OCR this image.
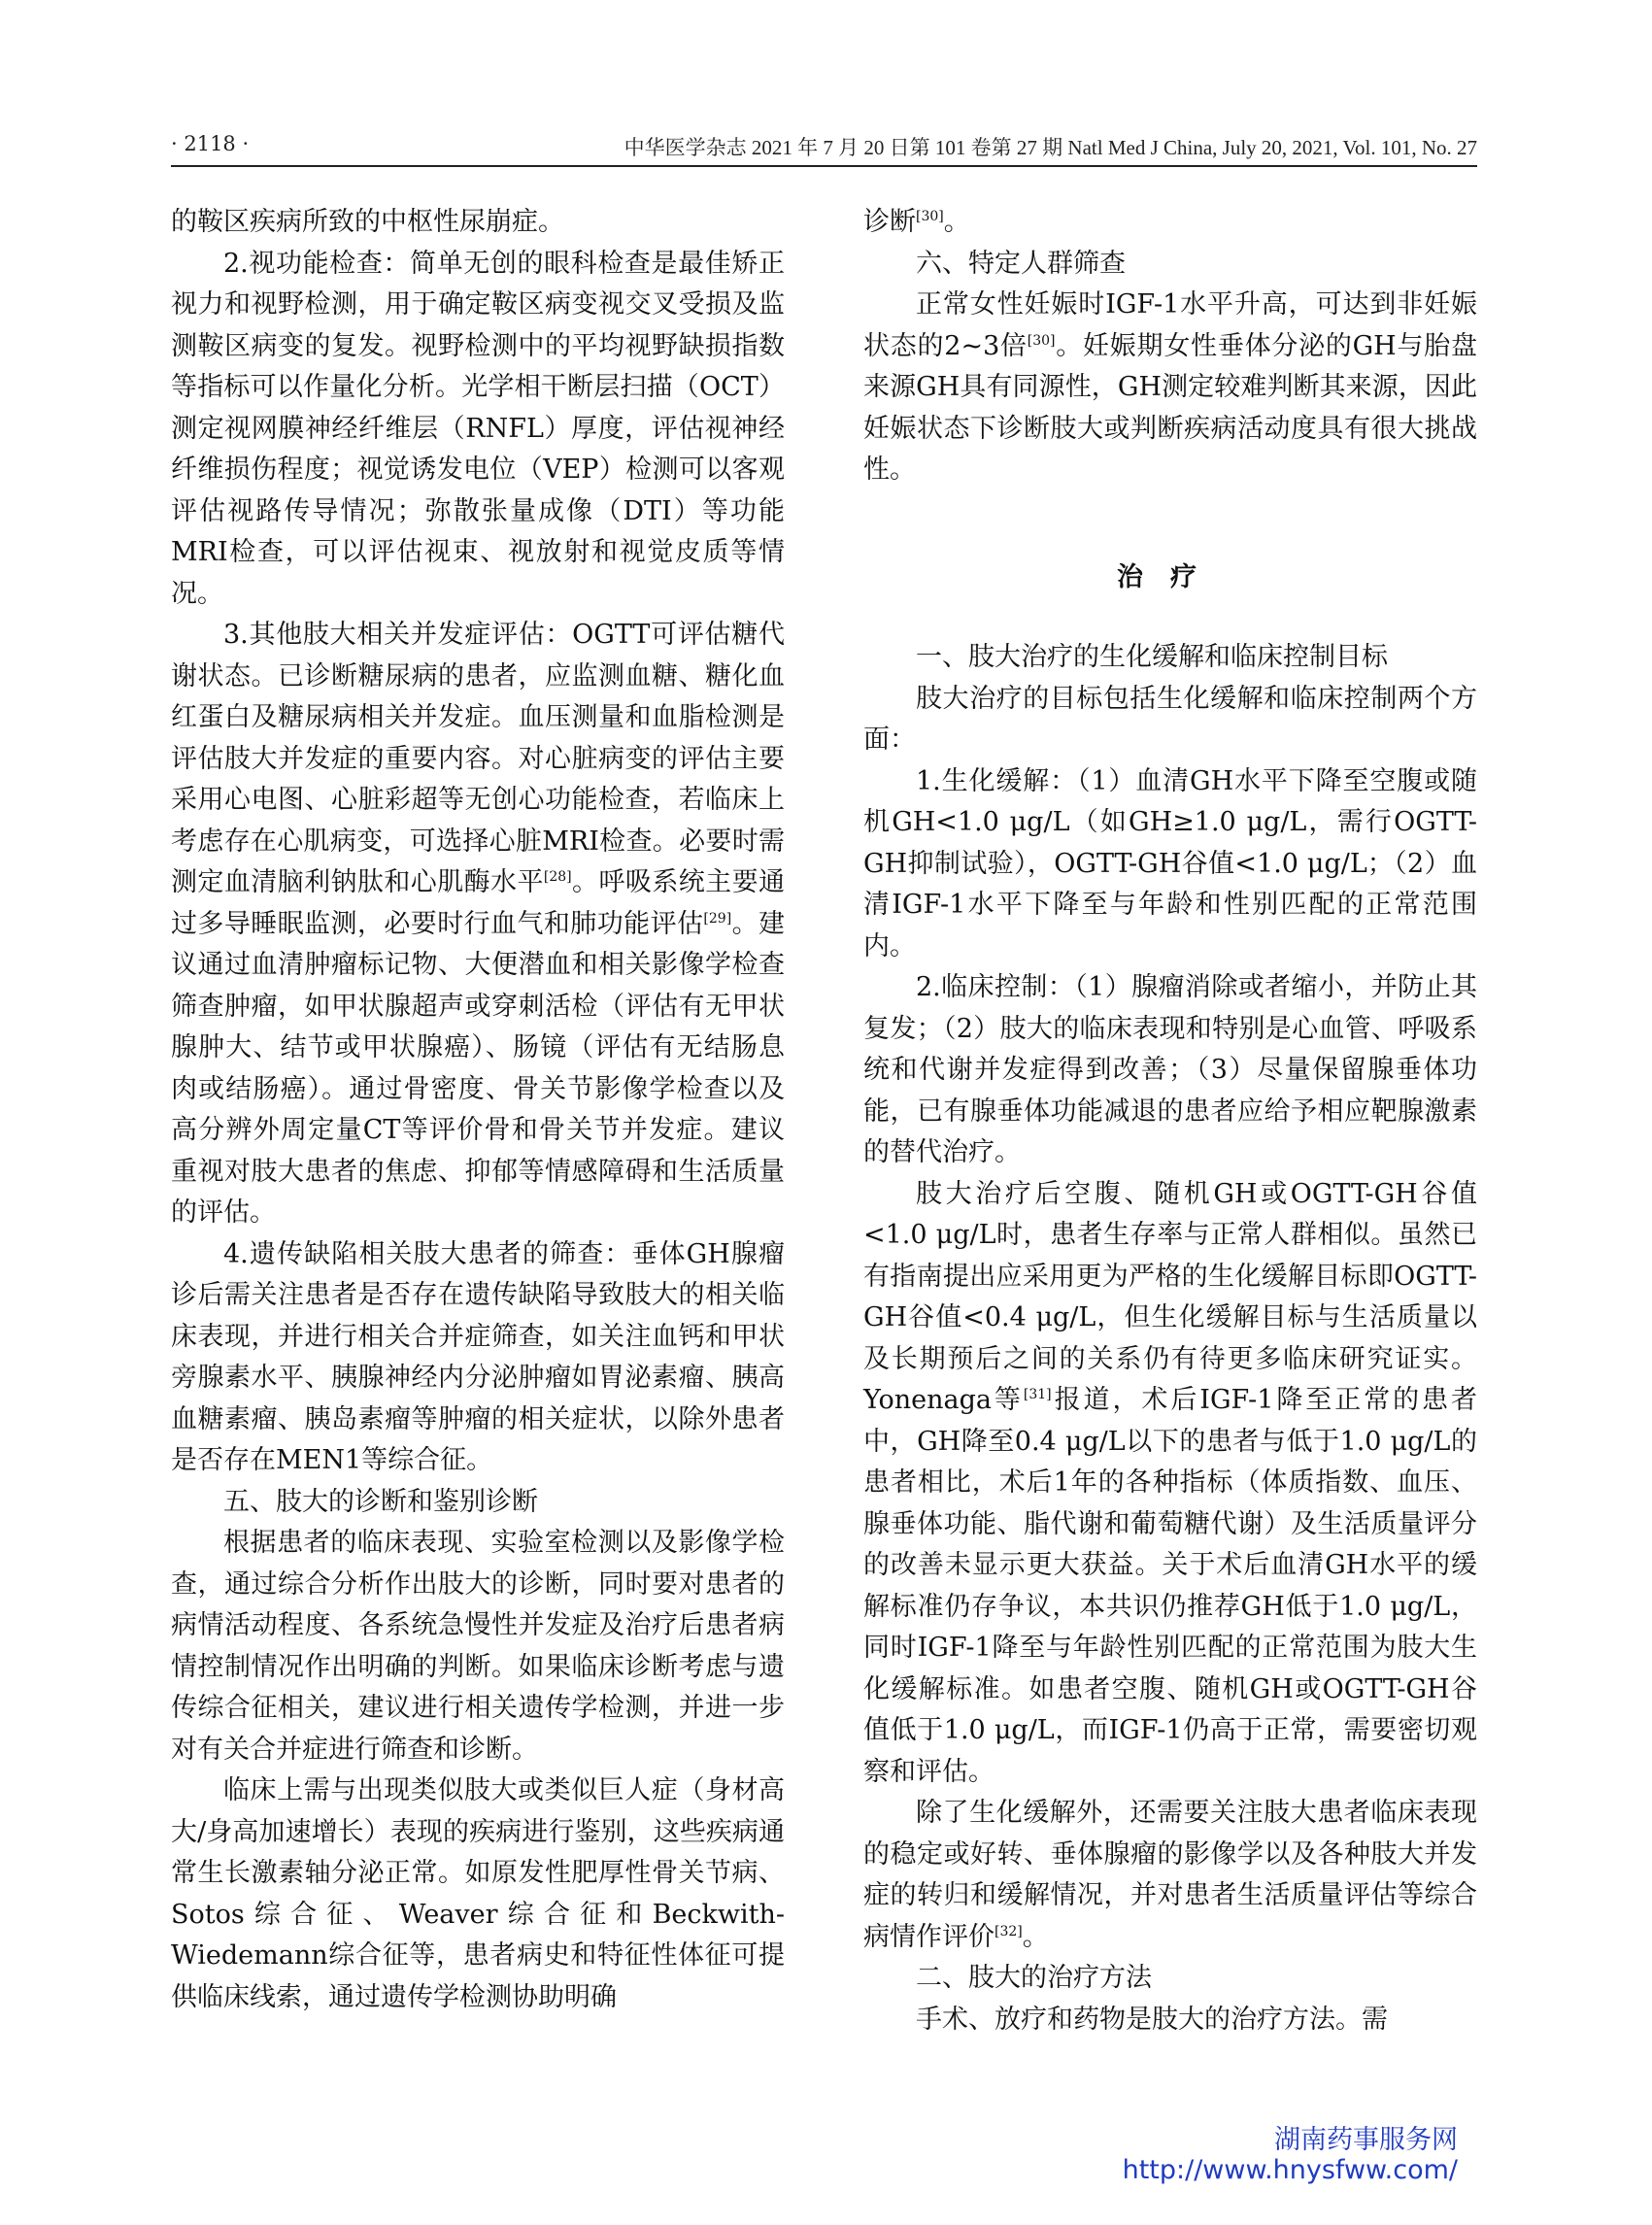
· 2118 ·	中华医学杂志 2021 年 7 月 20 日第 101 卷第 27 期 Natl Med J China, July 20, 2021, Vol. 101, No. 27

的鞍区疾病所致的中枢性尿崩症。

2.视功能检查：简单无创的眼科检查是最佳矫正视力和视野检测，用于确定鞍区病变视交叉受损及监测鞍区病变的复发。视野检测中的平均视野缺损指数等指标可以作量化分析。光学相干断层扫描（OCT）测定视网膜神经纤维层（RNFL）厚度，评估视神经纤维损伤程度；视觉诱发电位（VEP）检测可以客观评估视路传导情况；弥散张量成像（DTI）等功能MRI检查，可以评估视束、视放射和视觉皮质等情况。

3.其他肢大相关并发症评估：OGTT可评估糖代谢状态。已诊断糖尿病的患者，应监测血糖、糖化血红蛋白及糖尿病相关并发症。血压测量和血脂检测是评估肢大并发症的重要内容。对心脏病变的评估主要采用心电图、心脏彩超等无创心功能检查，若临床上考虑存在心肌病变，可选择心脏MRI检查。必要时需测定血清脑利钠肽和心肌酶水平[28]。呼吸系统主要通过多导睡眠监测，必要时行血气和肺功能评估[29]。建议通过血清肿瘤标记物、大便潜血和相关影像学检查筛查肿瘤，如甲状腺超声或穿刺活检（评估有无甲状腺肿大、结节或甲状腺癌）、肠镜（评估有无结肠息肉或结肠癌）。通过骨密度、骨关节影像学检查以及高分辨外周定量CT等评价骨和骨关节并发症。建议重视对肢大患者的焦虑、抑郁等情感障碍和生活质量的评估。

4.遗传缺陷相关肢大患者的筛查：垂体GH腺瘤诊后需关注患者是否存在遗传缺陷导致肢大的相关临床表现，并进行相关合并症筛查，如关注血钙和甲状旁腺素水平、胰腺神经内分泌肿瘤如胃泌素瘤、胰高血糖素瘤、胰岛素瘤等肿瘤的相关症状，以除外患者是否存在MEN1等综合征。

五、肢大的诊断和鉴别诊断

根据患者的临床表现、实验室检测以及影像学检查，通过综合分析作出肢大的诊断，同时要对患者的病情活动程度、各系统急慢性并发症及治疗后患者病情控制情况作出明确的判断。如果临床诊断考虑与遗传综合征相关，建议进行相关遗传学检测，并进一步对有关合并症进行筛查和诊断。

临床上需与出现类似肢大或类似巨人症（身材高大/身高加速增长）表现的疾病进行鉴别，这些疾病通常生长激素轴分泌正常。如原发性肥厚性骨关节病、Sotos综合征、Weaver综合征和Beckwith-Wiedemann综合征等，患者病史和特征性体征可提供临床线索，通过遗传学检测协助明确

诊断[30]。

六、特定人群筛查

正常女性妊娠时IGF-1水平升高，可达到非妊娠状态的2~3倍[30]。妊娠期女性垂体分泌的GH与胎盘来源GH具有同源性，GH测定较难判断其来源，因此妊娠状态下诊断肢大或判断疾病活动度具有很大挑战性。

治疗

一、肢大治疗的生化缓解和临床控制目标

肢大治疗的目标包括生化缓解和临床控制两个方面：

1.生化缓解：（1）血清GH水平下降至空腹或随机GH<1.0 μg/L（如GH≥1.0 μg/L，需行OGTT-GH抑制试验），OGTT-GH谷值<1.0 μg/L；（2）血清IGF-1水平下降至与年龄和性别匹配的正常范围内。

2.临床控制：（1）腺瘤消除或者缩小，并防止其复发；（2）肢大的临床表现和特别是心血管、呼吸系统和代谢并发症得到改善；（3）尽量保留腺垂体功能，已有腺垂体功能减退的患者应给予相应靶腺激素的替代治疗。

肢大治疗后空腹、随机GH或OGTT-GH谷值<1.0 μg/L时，患者生存率与正常人群相似。虽然已有指南提出应采用更为严格的生化缓解目标即OGTT-GH谷值<0.4 μg/L，但生化缓解目标与生活质量以及长期预后之间的关系仍有待更多临床研究证实。Yonenaga等[31]报道，术后IGF-1降至正常的患者中，GH降至0.4 μg/L以下的患者与低于1.0 μg/L的患者相比，术后1年的各种指标（体质指数、血压、腺垂体功能、脂代谢和葡萄糖代谢）及生活质量评分的改善未显示更大获益。关于术后血清GH水平的缓解标准仍存争议，本共识仍推荐GH低于1.0 μg/L，同时IGF-1降至与年龄性别匹配的正常范围为肢大生化缓解标准。如患者空腹、随机GH或OGTT-GH谷值低于1.0 μg/L，而IGF-1仍高于正常，需要密切观察和评估。

除了生化缓解外，还需要关注肢大患者临床表现的稳定或好转、垂体腺瘤的影像学以及各种肢大并发症的转归和缓解情况，并对患者生活质量评估等综合病情作评价[32]。

二、肢大的治疗方法

手术、放疗和药物是肢大的治疗方法。需

湖南药事服务网
http://www.hnysfww.com/
